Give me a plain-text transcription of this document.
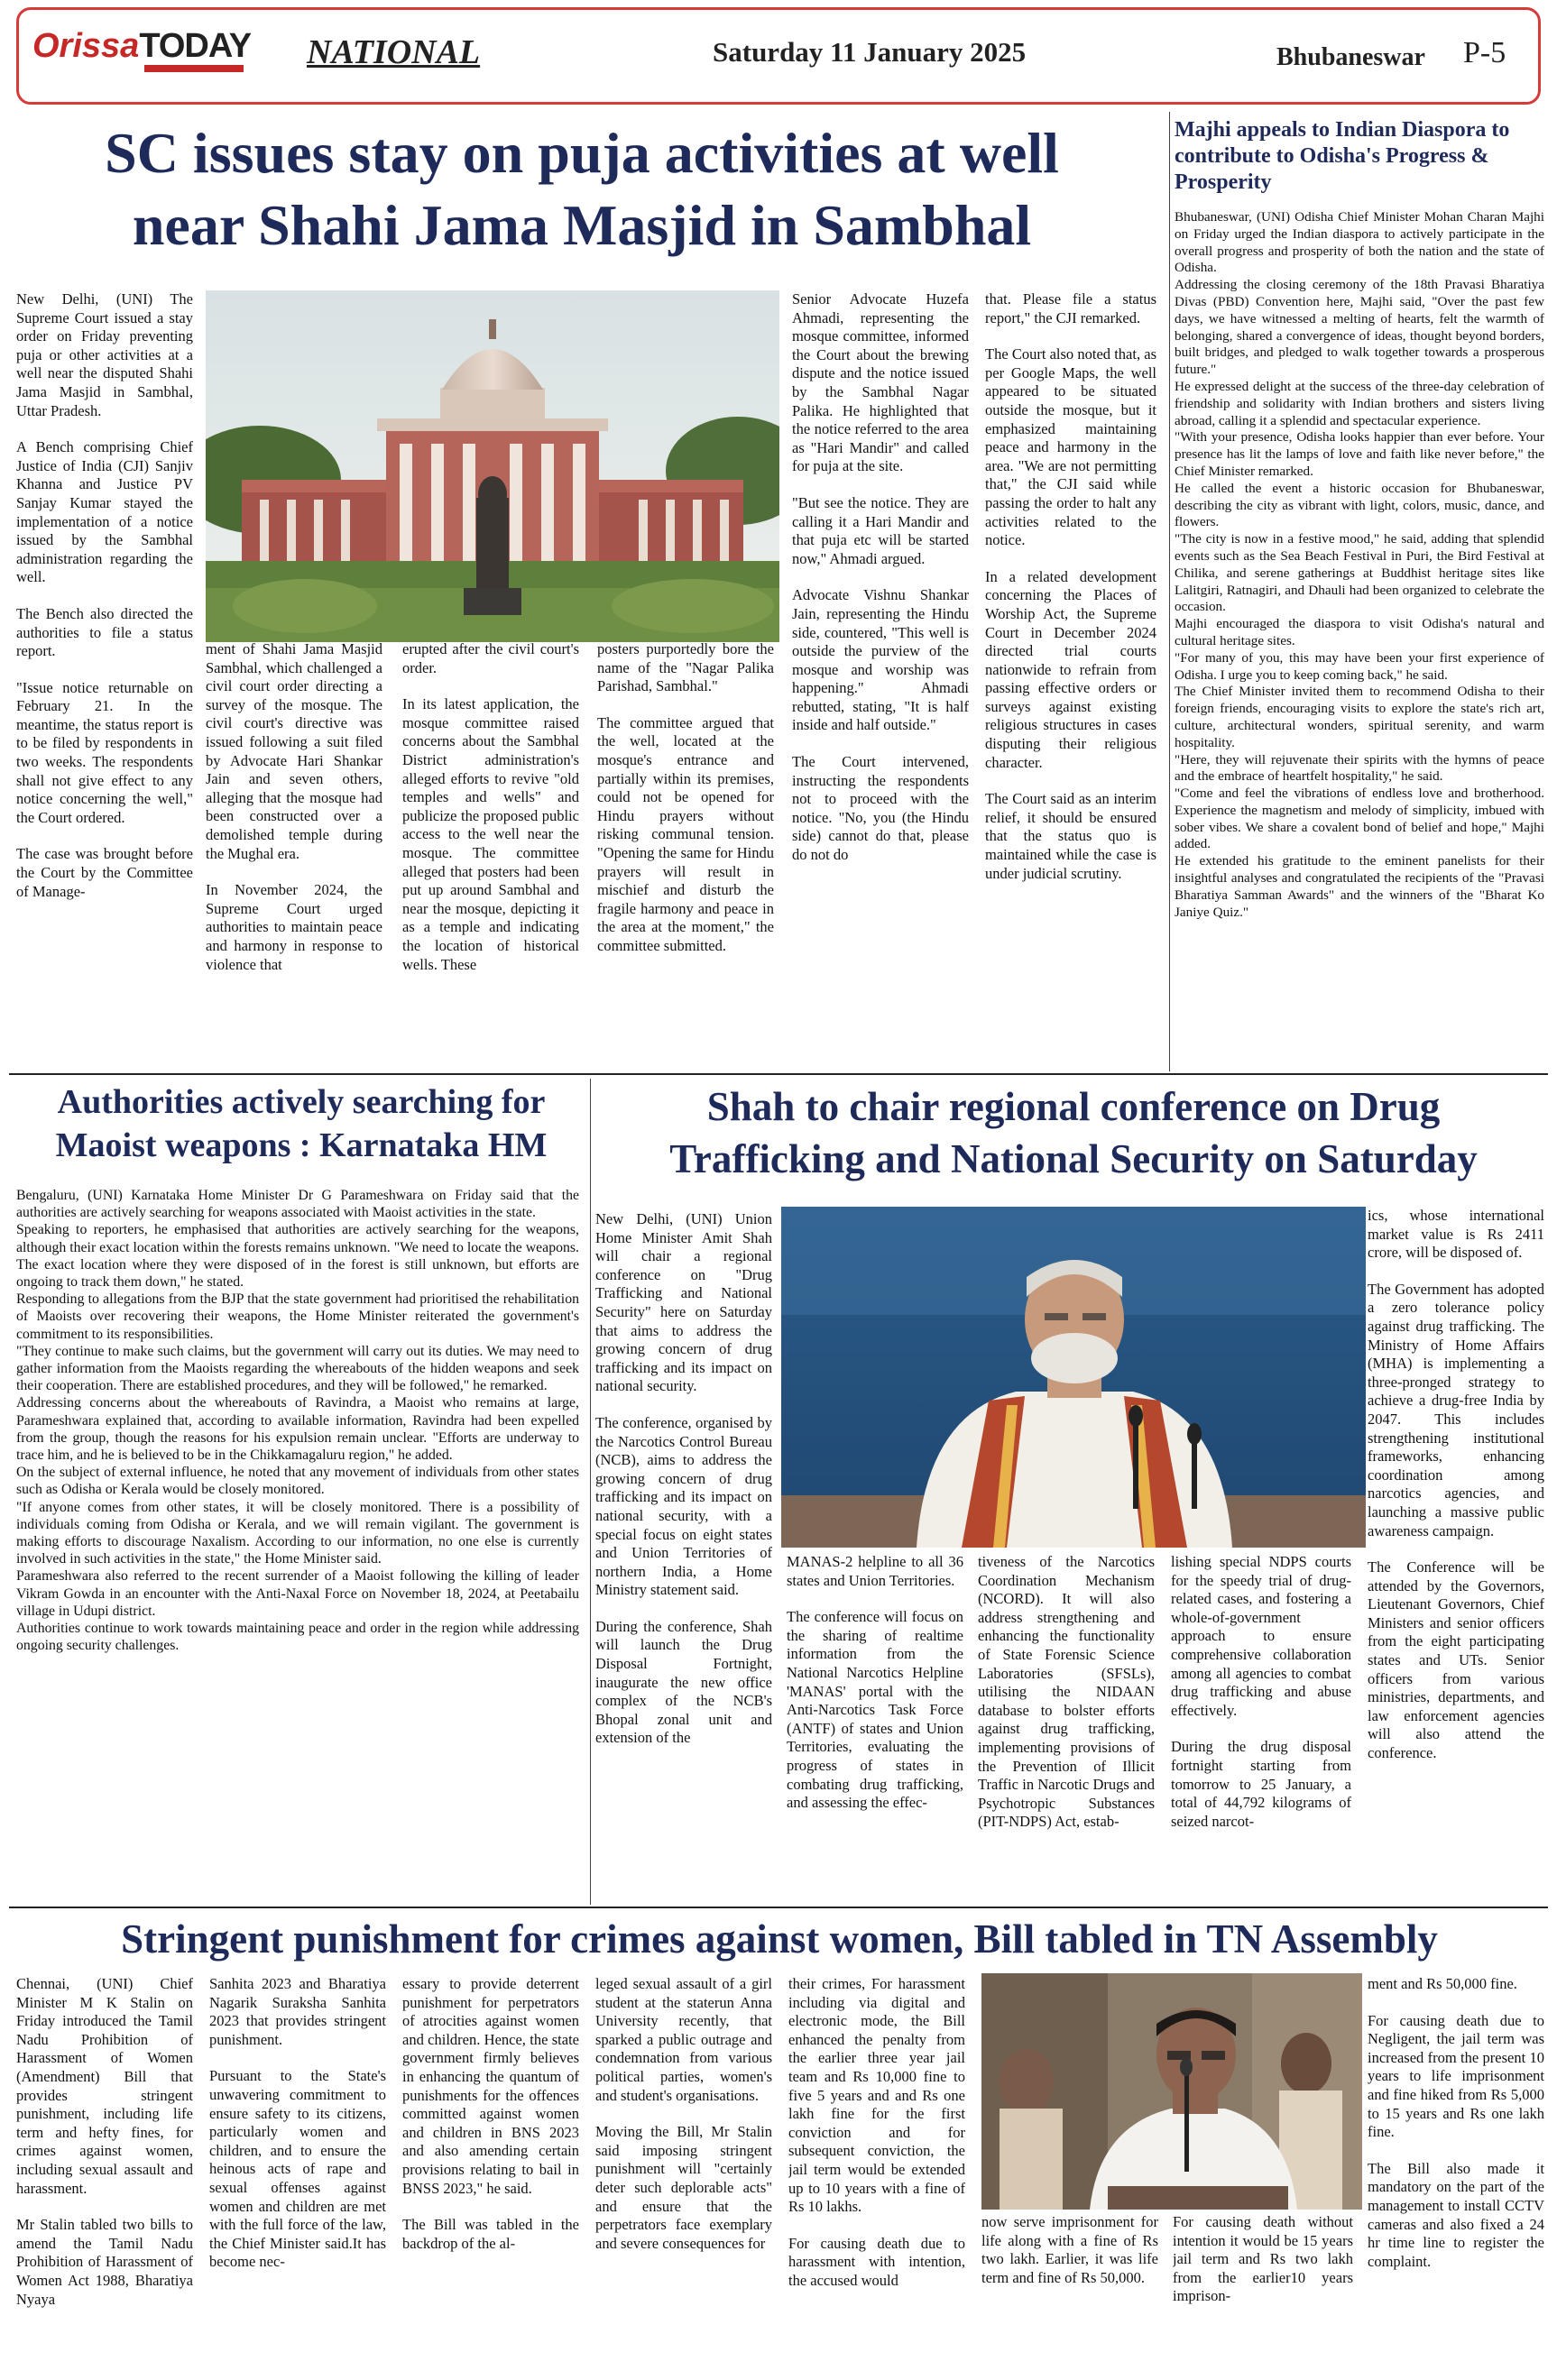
OrissaTODAY NATIONAL	Saturday 11 January 2025	Bhubaneswar P-5
SC issues stay on puja activities at well
near Shahi Jama Masjid in Sambhal

New Delhi, (UNI) The Supreme Court issued a stay order on Friday preventing puja or other activities at a well near the disputed Shahi Jama Masjid in Sambhal, Uttar Pradesh.

A Bench comprising Chief Justice of India (CJI) Sanjiv Khanna and Justice PV Sanjay Kumar stayed the implementation of a notice issued by the Sambhal administration regarding the well.

The Bench also directed the authorities to file a status report.

"Issue notice returnable on February 21. In the meantime, the status report is to be filed by respondents in two weeks. The respondents shall not give effect to any notice concerning the well," the Court ordered.

The case was brought before the Court by the Committee of Manage-

ment of Shahi Jama Masjid Sambhal, which challenged a civil court order directing a survey of the mosque. The civil court's directive was issued following a suit filed by Advocate Hari Shankar Jain and seven others, alleging that the mosque had been constructed over a demolished temple during the Mughal era.

In November 2024, the Supreme Court urged authorities to maintain peace and harmony in response to violence that

erupted after the civil court's order.

In its latest application, the mosque committee raised concerns about the Sambhal District administration's alleged efforts to revive "old temples and wells" and publicize the proposed public access to the well near the mosque. The committee alleged that posters had been put up around Sambhal and near the mosque, depicting it as a temple and indicating the location of historical wells. These

posters purportedly bore the name of the "Nagar Palika Parishad, Sambhal."

The committee argued that the well, located at the mosque's entrance and partially within its premises, could not be opened for Hindu prayers without risking communal tension. "Opening the same for Hindu prayers will result in mischief and disturb the fragile harmony and peace in the area at the moment," the committee submitted.

Senior Advocate Huzefa Ahmadi, representing the mosque committee, informed the Court about the brewing dispute and the notice issued by the Sambhal Nagar Palika. He highlighted that the notice referred to the area as "Hari Mandir" and called for puja at the site.

"But see the notice. They are calling it a Hari Mandir and that puja etc will be started now," Ahmadi argued.

Advocate Vishnu Shankar Jain, representing the Hindu side, countered, "This well is outside the purview of the mosque and worship was happening." Ahmadi rebutted, stating, "It is half inside and half outside."

The Court intervened, instructing the respondents not to proceed with the notice. "No, you (the Hindu side) cannot do that, please do not do

that. Please file a status report," the CJI remarked.

The Court also noted that, as per Google Maps, the well appeared to be situated outside the mosque, but it emphasized maintaining peace and harmony in the area. "We are not permitting that," the CJI said while passing the order to halt any activities related to the notice.

In a related development concerning the Places of Worship Act, the Supreme Court in December 2024 directed trial courts nationwide to refrain from passing effective orders or surveys against existing religious structures in cases disputing their religious character.

The Court said as an interim relief, it should be ensured that the status quo is maintained while the case is under judicial scrutiny.

Majhi appeals to Indian Diaspora to contribute to Odisha's Progress & Prosperity

Bhubaneswar, (UNI) Odisha Chief Minister Mohan Charan Majhi on Friday urged the Indian diaspora to actively participate in the overall progress and prosperity of both the nation and the state of Odisha.

Addressing the closing ceremony of the 18th Pravasi Bharatiya Divas (PBD) Convention here, Majhi said, "Over the past few days, we have witnessed a melting of hearts, felt the warmth of belonging, shared a convergence of ideas, thought beyond borders, built bridges, and pledged to walk together towards a prosperous future."

He expressed delight at the success of the three-day celebration of friendship and solidarity with Indian brothers and sisters living abroad, calling it a splendid and spectacular experience.

"With your presence, Odisha looks happier than ever before. Your presence has lit the lamps of love and faith like never before," the Chief Minister remarked.

He called the event a historic occasion for Bhubaneswar, describing the city as vibrant with light, colors, music, dance, and flowers.

"The city is now in a festive mood," he said, adding that splendid events such as the Sea Beach Festival in Puri, the Bird Festival at Chilika, and serene gatherings at Buddhist heritage sites like Lalitgiri, Ratnagiri, and Dhauli had been organized to celebrate the occasion.

Majhi encouraged the diaspora to visit Odisha's natural and cultural heritage sites.

"For many of you, this may have been your first experience of Odisha. I urge you to keep coming back," he said.

The Chief Minister invited them to recommend Odisha to their foreign friends, encouraging visits to explore the state's rich art, culture, architectural wonders, spiritual serenity, and warm hospitality.

"Here, they will rejuvenate their spirits with the hymns of peace and the embrace of heartfelt hospitality," he said.

"Come and feel the vibrations of endless love and brotherhood. Experience the magnetism and melody of simplicity, imbued with sober vibes. We share a covalent bond of belief and hope," Majhi added.

He extended his gratitude to the eminent panelists for their insightful analyses and congratulated the recipients of the "Pravasi Bharatiya Samman Awards" and the winners of the "Bharat Ko Janiye Quiz."

Authorities actively searching for
Maoist weapons : Karnataka HM

Bengaluru, (UNI) Karnataka Home Minister Dr G Parameshwara on Friday said that the authorities are actively searching for weapons associated with Maoist activities in the state.

Speaking to reporters, he emphasised that authorities are actively searching for the weapons, although their exact location within the forests remains unknown. "We need to locate the weapons. The exact location where they were disposed of in the forest is still unknown, but efforts are ongoing to track them down," he stated.

Responding to allegations from the BJP that the state government had prioritised the rehabilitation of Maoists over recovering their weapons, the Home Minister reiterated the government's commitment to its responsibilities.

"They continue to make such claims, but the government will carry out its duties. We may need to gather information from the Maoists regarding the whereabouts of the hidden weapons and seek their cooperation. There are established procedures, and they will be followed," he remarked.

Addressing concerns about the whereabouts of Ravindra, a Maoist who remains at large, Parameshwara explained that, according to available information, Ravindra had been expelled from the group, though the reasons for his expulsion remain unclear. "Efforts are underway to trace him, and he is believed to be in the Chikkamagaluru region," he added.

On the subject of external influence, he noted that any movement of individuals from other states such as Odisha or Kerala would be closely monitored.

"If anyone comes from other states, it will be closely monitored. There is a possibility of individuals coming from Odisha or Kerala, and we will remain vigilant. The government is making efforts to discourage Naxalism. According to our information, no one else is currently involved in such activities in the state," the Home Minister said.

Parameshwara also referred to the recent surrender of a Maoist following the killing of leader Vikram Gowda in an encounter with the Anti-Naxal Force on November 18, 2024, at Peetabailu village in Udupi district.

Authorities continue to work towards maintaining peace and order in the region while addressing ongoing security challenges.

Shah to chair regional conference on Drug
Trafficking and National Security on Saturday

New Delhi, (UNI) Union Home Minister Amit Shah will chair a regional conference on "Drug Trafficking and National Security" here on Saturday that aims to address the growing concern of drug trafficking and its impact on national security.

The conference, organised by the Narcotics Control Bureau (NCB), aims to address the growing concern of drug trafficking and its impact on national security, with a special focus on eight states and Union Territories of northern India, a Home Ministry statement said.

During the conference, Shah will launch the Drug Disposal Fortnight, inaugurate the new office complex of the NCB's Bhopal zonal unit and extension of the

MANAS-2 helpline to all 36 states and Union Territories.

The conference will focus on the sharing of realtime information from the National Narcotics Helpline 'MANAS' portal with the Anti-Narcotics Task Force (ANTF) of states and Union Territories, evaluating the progress of states in combating drug trafficking, and assessing the effec-

tiveness of the Narcotics Coordination Mechanism (NCORD). It will also address strengthening and enhancing the functionality of State Forensic Science Laboratories (SFSLs), utilising the NIDAAN database to bolster efforts against drug trafficking, implementing provisions of the Prevention of Illicit Traffic in Narcotic Drugs and Psychotropic Substances (PIT-NDPS) Act, estab-

lishing special NDPS courts for the speedy trial of drug-related cases, and fostering a whole-of-government approach to ensure comprehensive collaboration among all agencies to combat drug trafficking and abuse effectively.

During the drug disposal fortnight starting from tomorrow to 25 January, a total of 44,792 kilograms of seized narcot-

ics, whose international market value is Rs 2411 crore, will be disposed of.

The Government has adopted a zero tolerance policy against drug trafficking. The Ministry of Home Affairs (MHA) is implementing a three-pronged strategy to achieve a drug-free India by 2047. This includes strengthening institutional frameworks, enhancing coordination among narcotics agencies, and launching a massive public awareness campaign.

The Conference will be attended by the Governors, Lieutenant Governors, Chief Ministers and senior officers from the eight participating states and UTs. Senior officers from various ministries, departments, and law enforcement agencies will also attend the conference.

Stringent punishment for crimes against women, Bill tabled in TN Assembly

Chennai, (UNI) Chief Minister M K Stalin on Friday introduced the Tamil Nadu Prohibition of Harassment of Women (Amendment) Bill that provides stringent punishment, including life term and hefty fines, for crimes against women, including sexual assault and harassment.

Mr Stalin tabled two bills to amend the Tamil Nadu Prohibition of Harassment of Women Act 1988, Bharatiya Nyaya

Sanhita 2023 and Bharatiya Nagarik Suraksha Sanhita 2023 that provides stringent punishment.

Pursuant to the State's unwavering commitment to ensure safety to its citizens, particularly women and children, and to ensure the heinous acts of rape and sexual offenses against women and children are met with the full force of the law, the Chief Minister said.It has become nec-

essary to provide deterrent punishment for perpetrators of atrocities against women and children. Hence, the state government firmly believes in enhancing the quantum of punishments for the offences committed against women and children in BNS 2023 and also amending certain provisions relating to bail in BNSS 2023," he said.

The Bill was tabled in the backdrop of the al-

leged sexual assault of a girl student at the staterun Anna University recently, that sparked a public outrage and condemnation from various political parties, women's and student's organisations.

Moving the Bill, Mr Stalin said imposing stringent punishment will "certainly deter such deplorable acts" and ensure that the perpetrators face exemplary and severe consequences for

their crimes, For harassment including via digital and electronic mode, the Bill enhanced the penalty from the earlier three year jail team and Rs 10,000 fine to five 5 years and and Rs one lakh fine for the first conviction and for subsequent conviction, the jail term would be extended up to 10 years with a fine of Rs 10 lakhs.

For causing death due to harassment with intention, the accused would

now serve imprisonment for life along with a fine of Rs two lakh. Earlier, it was life term and fine of Rs 50,000.

For causing death without intention it would be 15 years jail term and Rs two lakh from the earlier10 years imprison-

ment and Rs 50,000 fine.

For causing death due to Negligent, the jail term was increased from the present 10 years to life imprisonment and fine hiked from Rs 5,000 to 15 years and Rs one lakh fine.

The Bill also made it mandatory on the part of the management to install CCTV cameras and also fixed a 24 hr time line to register the complaint.
